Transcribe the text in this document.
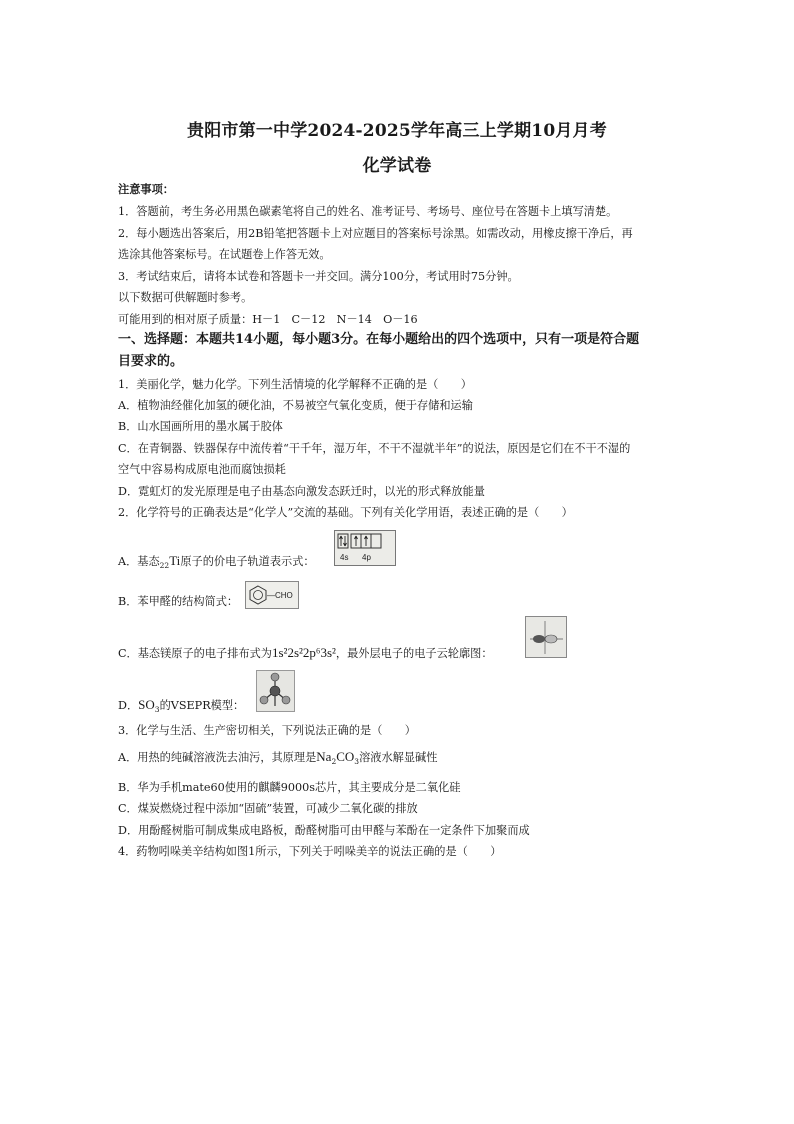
贵阳市第一中学2024-2025学年高三上学期10月月考
化学试卷
注意事项：
1．答题前，考生务必用黑色碳素笔将自己的姓名、准考证号、考场号、座位号在答题卡上填写清楚。
2．每小题选出答案后，用2B铅笔把答题卡上对应题目的答案标号涂黑。如需改动，用橡皮擦干净后，再
选涂其他答案标号。在试题卷上作答无效。
3．考试结束后，请将本试卷和答题卡一并交回。满分100分，考试用时75分钟。
以下数据可供解题时参考。
可能用到的相对原子质量：H－1　C－12　N－14　O－16
一、选择题：本题共14小题，每小题3分。在每小题给出的四个选项中，只有一项是符合题
目要求的。
1．美丽化学，魅力化学。下列生活情境的化学解释不正确的是（　　）
A．植物油经催化加氢的硬化油，不易被空气氧化变质，便于存储和运输
B．山水国画所用的墨水属于胶体
C．在青铜器、铁器保存中流传着“干千年，湿万年，不干不湿就半年”的说法，原因是它们在不干不湿的
空气中容易构成原电池而腐蚀损耗
D．霓虹灯的发光原理是电子由基态向激发态跃迁时，以光的形式释放能量
2．化学符号的正确表达是“化学人”交流的基础。下列有关化学用语，表述正确的是（　　）
A．基态$_{22}$Ti原子的价电子轨道表示式：	4s 4p
B．苯甲醛的结构简式：	—CHO
C．基态镁原子的电子排布式为1s²2s²2p⁶3s²，最外层电子的电子云轮廓图：
D．$SO_3$的VSEPR模型：
3．化学与生活、生产密切相关，下列说法正确的是（　　）
A．用热的纯碱溶液洗去油污，其原理是$Na_2CO_3$溶液水解显碱性
B．华为手机mate60使用的麒麟9000s芯片，其主要成分是二氧化硅
C．煤炭燃烧过程中添加“固硫”装置，可减少二氧化碳的排放
D．用酚醛树脂可制成集成电路板，酚醛树脂可由甲醛与苯酚在一定条件下加聚而成
4．药物吲哚美辛结构如图1所示，下列关于吲哚美辛的说法正确的是（　　）
